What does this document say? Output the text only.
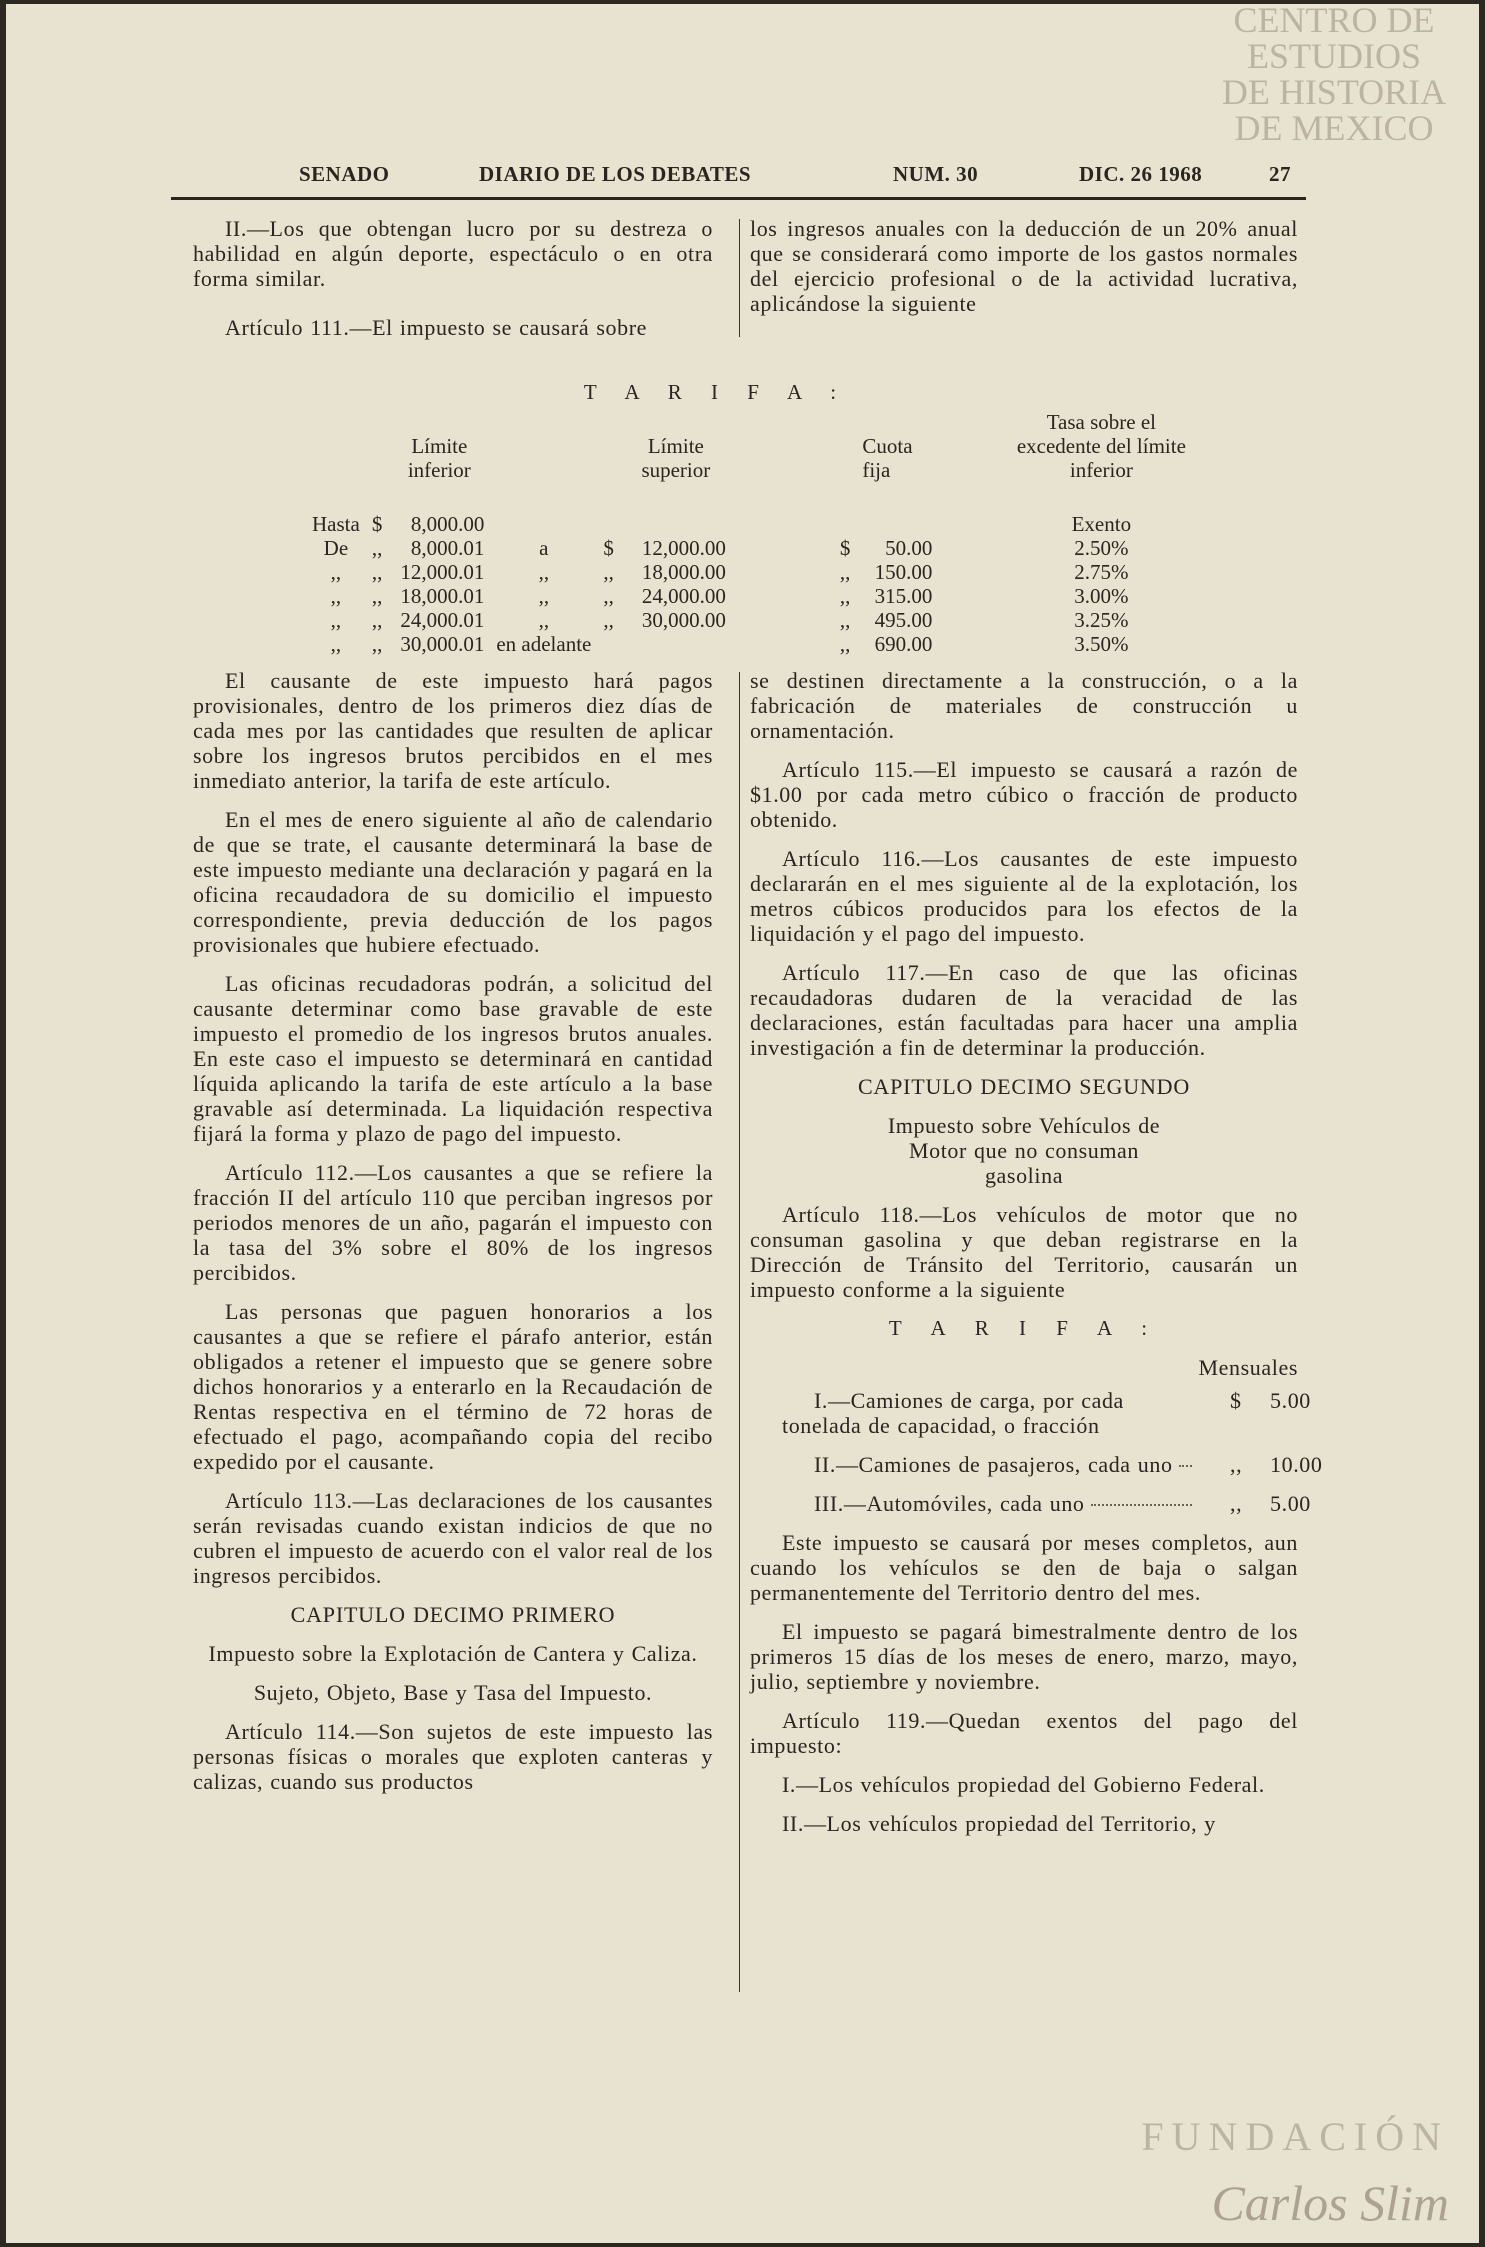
CENTRO DE
ESTUDIOS
DE HISTORIA
DE MEXICO
FUNDACIÓN
Carlos Slim
SENADO	DIARIO DE LOS DEBATES	NUM. 30	DIC. 26 1968	27

II.—Los que obtengan lucro por su destreza o habilidad en algún deporte, espectáculo o en otra forma similar.

Artículo 111.—El impuesto se causará sobre

los ingresos anuales con la deducción de un 20% anual que se considerará como importe de los gastos normales del ejercicio profesional o de la actividad lucrativa, aplicándose la siguiente

T A R I F A :
		Límite inferior			Límite superior			Cuota fija		Tasa sobre el excedente del límite inferior

Hasta	$	8,000.00								Exento
De	,,	8,000.01	a	$	12,000.00		$	50.00		2.50%
,,	,,	12,000.01	,,	,,	18,000.00		,,	150.00		2.75%
,,	,,	18,000.01	,,	,,	24,000.00		,,	315.00		3.00%
,,	,,	24,000.01	,,	,,	30,000.00		,,	495.00		3.25%
,,	,,	30,000.01	en adelante				,,	690.00		3.50%

El causante de este impuesto hará pagos provisionales, dentro de los primeros diez días de cada mes por las cantidades que resulten de aplicar sobre los ingresos brutos percibidos en el mes inmediato anterior, la tarifa de este artículo.

En el mes de enero siguiente al año de calendario de que se trate, el causante determinará la base de este impuesto mediante una declaración y pagará en la oficina recaudadora de su domicilio el impuesto correspondiente, previa deducción de los pagos provisionales que hubiere efectuado.

Las oficinas recudadoras podrán, a solicitud del causante determinar como base gravable de este impuesto el promedio de los ingresos brutos anuales. En este caso el impuesto se determinará en cantidad líquida aplicando la tarifa de este artículo a la base gravable así determinada. La liquidación respectiva fijará la forma y plazo de pago del impuesto.

Artículo 112.—Los causantes a que se refiere la fracción II del artículo 110 que perciban ingresos por periodos menores de un año, pagarán el impuesto con la tasa del 3% sobre el 80% de los ingresos percibidos.

Las personas que paguen honorarios a los causantes a que se refiere el párafo anterior, están obligados a retener el impuesto que se genere sobre dichos honorarios y a enterarlo en la Recaudación de Rentas respectiva en el término de 72 horas de efectuado el pago, acompañando copia del recibo expedido por el causante.

Artículo 113.—Las declaraciones de los causantes serán revisadas cuando existan indicios de que no cubren el impuesto de acuerdo con el valor real de los ingresos percibidos.

CAPITULO DECIMO PRIMERO

Impuesto sobre la Explotación de Cantera y Caliza.

Sujeto, Objeto, Base y Tasa del Impuesto.

Artículo 114.—Son sujetos de este impuesto las personas físicas o morales que exploten canteras y calizas, cuando sus productos

se destinen directamente a la construcción, o a la fabricación de materiales de construcción u ornamentación.

Artículo 115.—El impuesto se causará a razón de $1.00 por cada metro cúbico o fracción de producto obtenido.

Artículo 116.—Los causantes de este impuesto declararán en el mes siguiente al de la explotación, los metros cúbicos producidos para los efectos de la liquidación y el pago del impuesto.

Artículo 117.—En caso de que las oficinas recaudadoras dudaren de la veracidad de las declaraciones, están facultadas para hacer una amplia investigación a fin de determinar la producción.

CAPITULO DECIMO SEGUNDO

Impuesto sobre Vehículos de Motor que no consuman gasolina

Artículo 118.—Los vehículos de motor que no consuman gasolina y que deban registrarse en la Dirección de Tránsito del Territorio, causarán un impuesto conforme a la siguiente

T A R I F A :

Mensuales

I.—Camiones de carga, por cada tonelada de capacidad, o fracción
$	5.00

II.—Camiones de pasajeros, cada uno	,,	10.00

III.—Automóviles, cada uno	,,	5.00

Este impuesto se causará por meses completos, aun cuando los vehículos se den de baja o salgan permanentemente del Territorio dentro del mes.

El impuesto se pagará bimestralmente dentro de los primeros 15 días de los meses de enero, marzo, mayo, julio, septiembre y noviembre.

Artículo 119.—Quedan exentos del pago del impuesto:

I.—Los vehículos propiedad del Gobierno Federal.

II.—Los vehículos propiedad del Territorio, y
